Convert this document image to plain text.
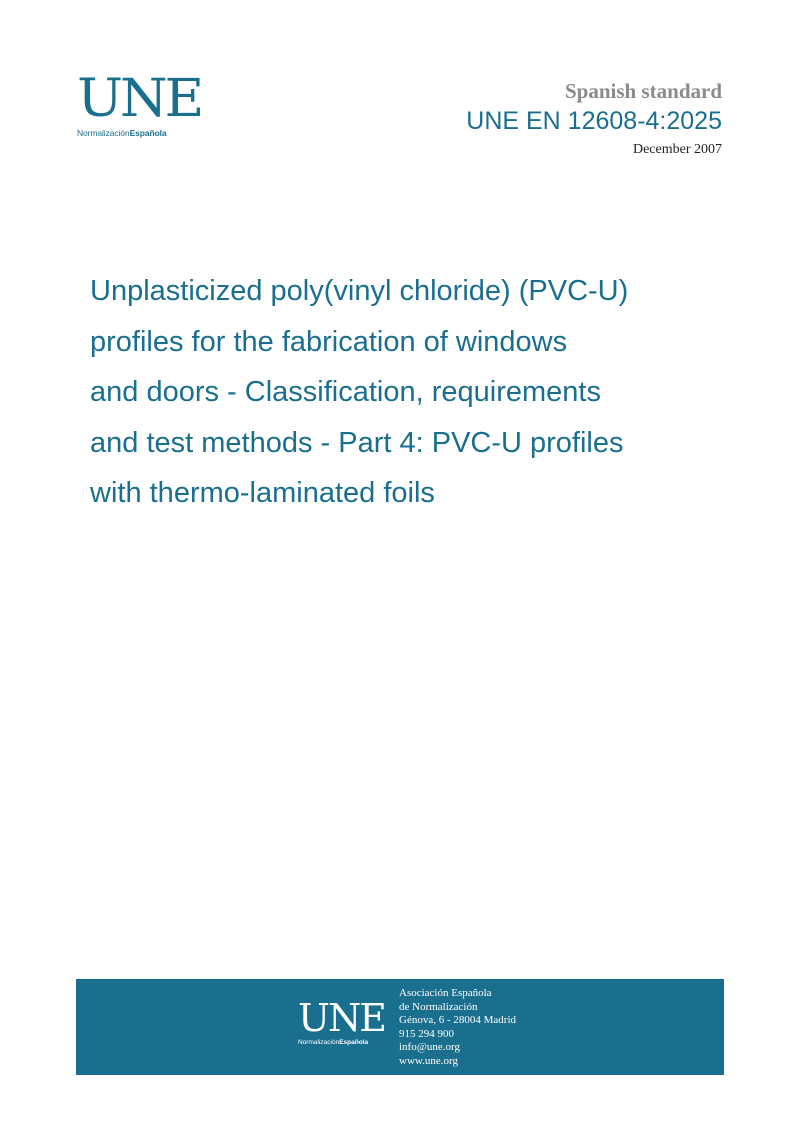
UNE
NormalizaciónEspañola
Spanish standard
UNE EN 12608-4:2025
December 2007
Unplasticized poly(vinyl chloride) (PVC-U)
profiles for the fabrication of windows
and doors - Classification, requirements
and test methods - Part 4: PVC-U profiles
with thermo-laminated foils
UNE
NormalizaciónEspañola
Asociación Española
de Normalización
Génova, 6 - 28004 Madrid
915 294 900
info@une.org
www.une.org
